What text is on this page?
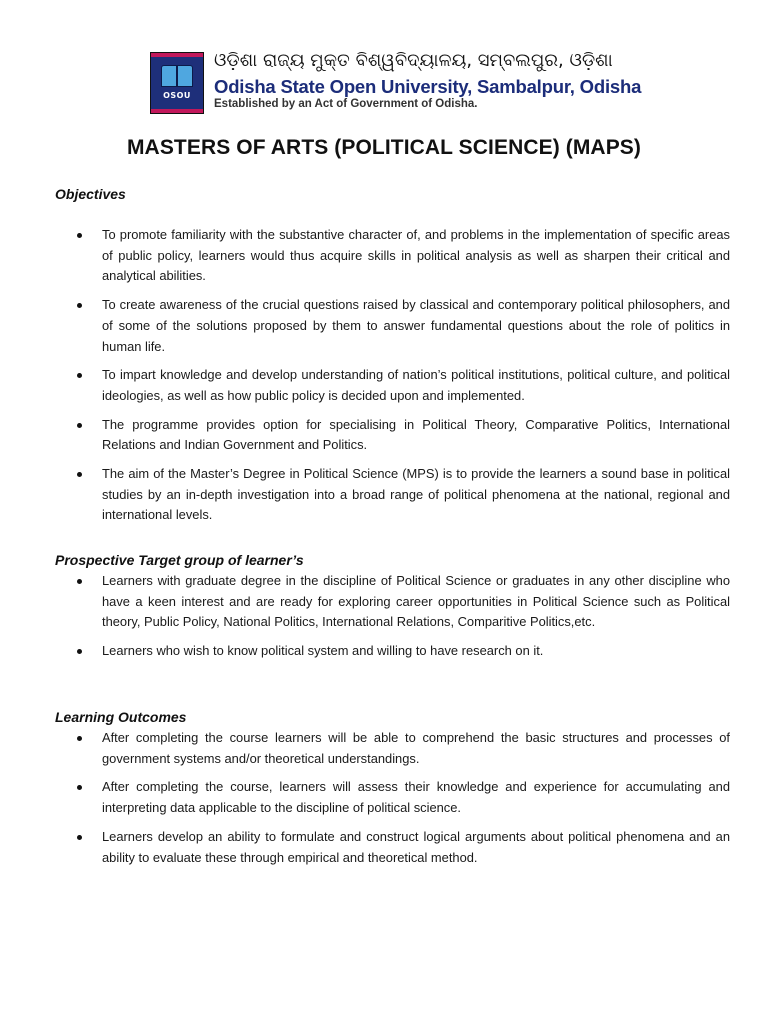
OSOU
ଓଡ଼ିଶା ରାଜ୍ୟ ମୁକ୍ତ ବିଶ୍ୱବିଦ୍ୟାଳୟ, ସମ୍ବଲପୁର, ଓଡ଼ିଶା
Odisha State Open University, Sambalpur, Odisha
Established by an Act of Government of Odisha.
MASTERS OF ARTS (POLITICAL SCIENCE) (MAPS)
Objectives
To promote familiarity with the substantive character of, and problems in the implementation of specific areas of public policy, learners would thus acquire skills in political analysis as well as sharpen their critical and analytical abilities.
To create awareness of the crucial questions raised by classical and contemporary political philosophers, and of some of the solutions proposed by them to answer fundamental questions about the role of politics in human life.
To impart knowledge and develop understanding of nation’s political institutions, political culture, and political ideologies, as well as how public policy is decided upon and implemented.
The programme provides option for specialising in Political Theory, Comparative Politics, International Relations and Indian Government and Politics.
The aim of the Master’s Degree in Political Science (MPS) is to provide the learners a sound base in political studies by an in-depth investigation into a broad range of political phenomena at the national, regional and international levels.
Prospective Target group of learner’s
Learners with graduate degree in the discipline of Political Science or graduates in any other discipline who have a keen interest and are ready for exploring career opportunities in Political Science such as Political theory, Public Policy, National Politics, International Relations, Comparitive Politics,etc.
Learners who wish to know political system and willing to have research on it.
Learning Outcomes
After completing the course learners will be able to comprehend the basic structures and processes of government systems and/or theoretical understandings.
After completing the course, learners will assess their knowledge and experience for accumulating and interpreting data applicable to the discipline of political science.
Learners develop an ability to formulate and construct logical arguments about political phenomena and an ability to evaluate these through empirical and theoretical method.
